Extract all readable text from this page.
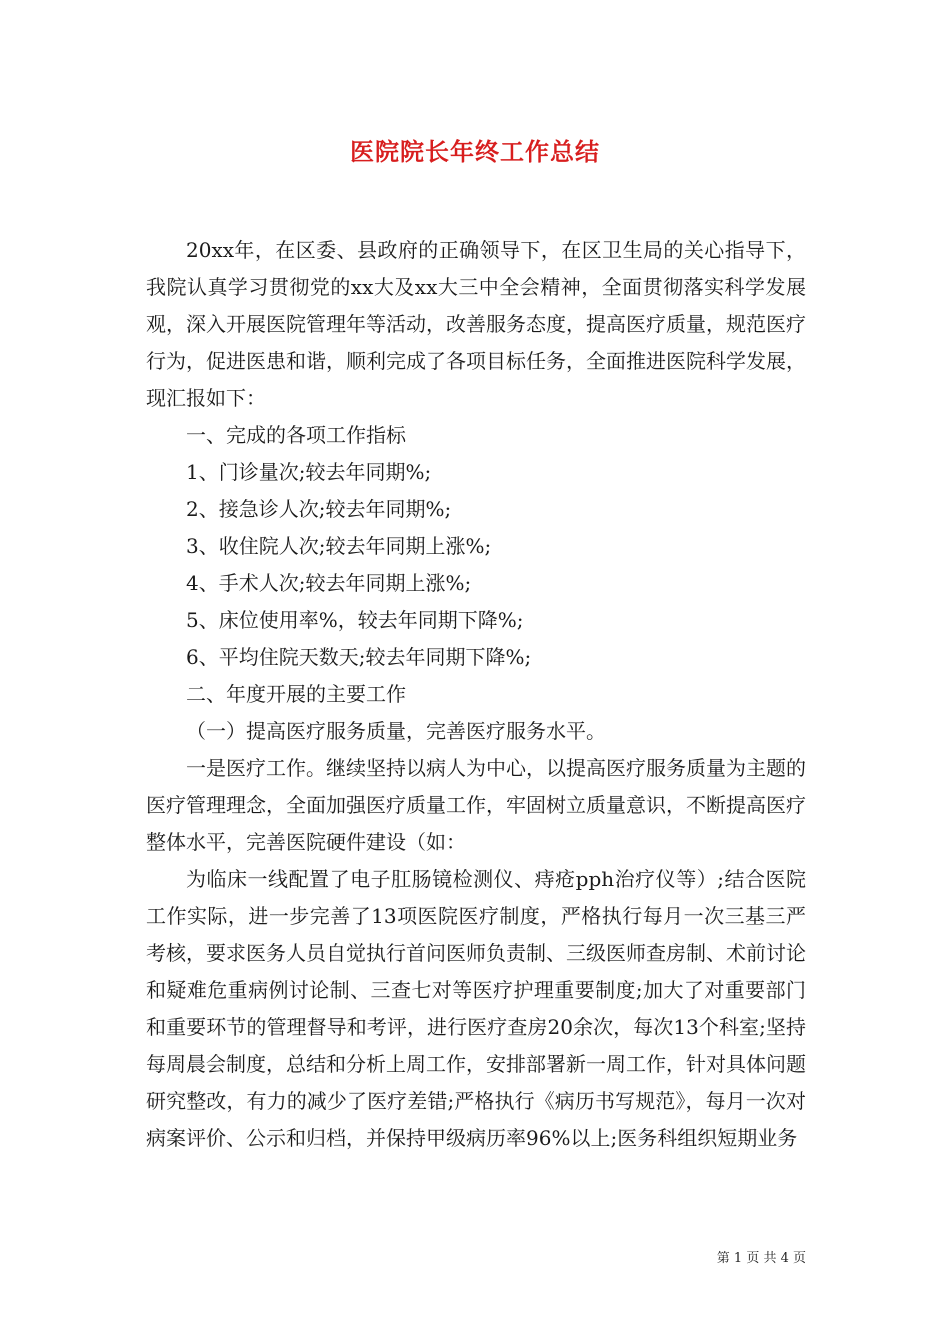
医院院长年终工作总结

20xx年，在区委、县政府的正确领导下，在区卫生局的关心指导下，我院认真学习贯彻党的xx大及xx大三中全会精神，全面贯彻落实科学发展观，深入开展医院管理年等活动，改善服务态度，提高医疗质量，规范医疗行为，促进医患和谐，顺利完成了各项目标任务，全面推进医院科学发展，现汇报如下：

一、完成的各项工作指标

1、门诊量次;较去年同期%;

2、接急诊人次;较去年同期%;

3、收住院人次;较去年同期上涨%;

4、手术人次;较去年同期上涨%;

5、床位使用率%，较去年同期下降%;

6、平均住院天数天;较去年同期下降%;

二、年度开展的主要工作

（一）提高医疗服务质量，完善医疗服务水平。

一是医疗工作。继续坚持以病人为中心，以提高医疗服务质量为主题的医疗管理理念，全面加强医疗质量工作，牢固树立质量意识，不断提高医疗整体水平，完善医院硬件建设（如：

为临床一线配置了电子肛肠镜检测仪、痔疮pph治疗仪等）;结合医院工作实际，进一步完善了13项医院医疗制度，严格执行每月一次三基三严考核，要求医务人员自觉执行首问医师负责制、三级医师查房制、术前讨论和疑难危重病例讨论制、三查七对等医疗护理重要制度;加大了对重要部门和重要环节的管理督导和考评，进行医疗查房20余次，每次13个科室;坚持每周晨会制度，总结和分析上周工作，安排部署新一周工作，针对具体问题研究整改，有力的减少了医疗差错;严格执行《病历书写规范》，每月一次对病案评价、公示和归档，并保持甲级病历率96%以上;医务科组织短期业务

第 1 页 共 4 页
